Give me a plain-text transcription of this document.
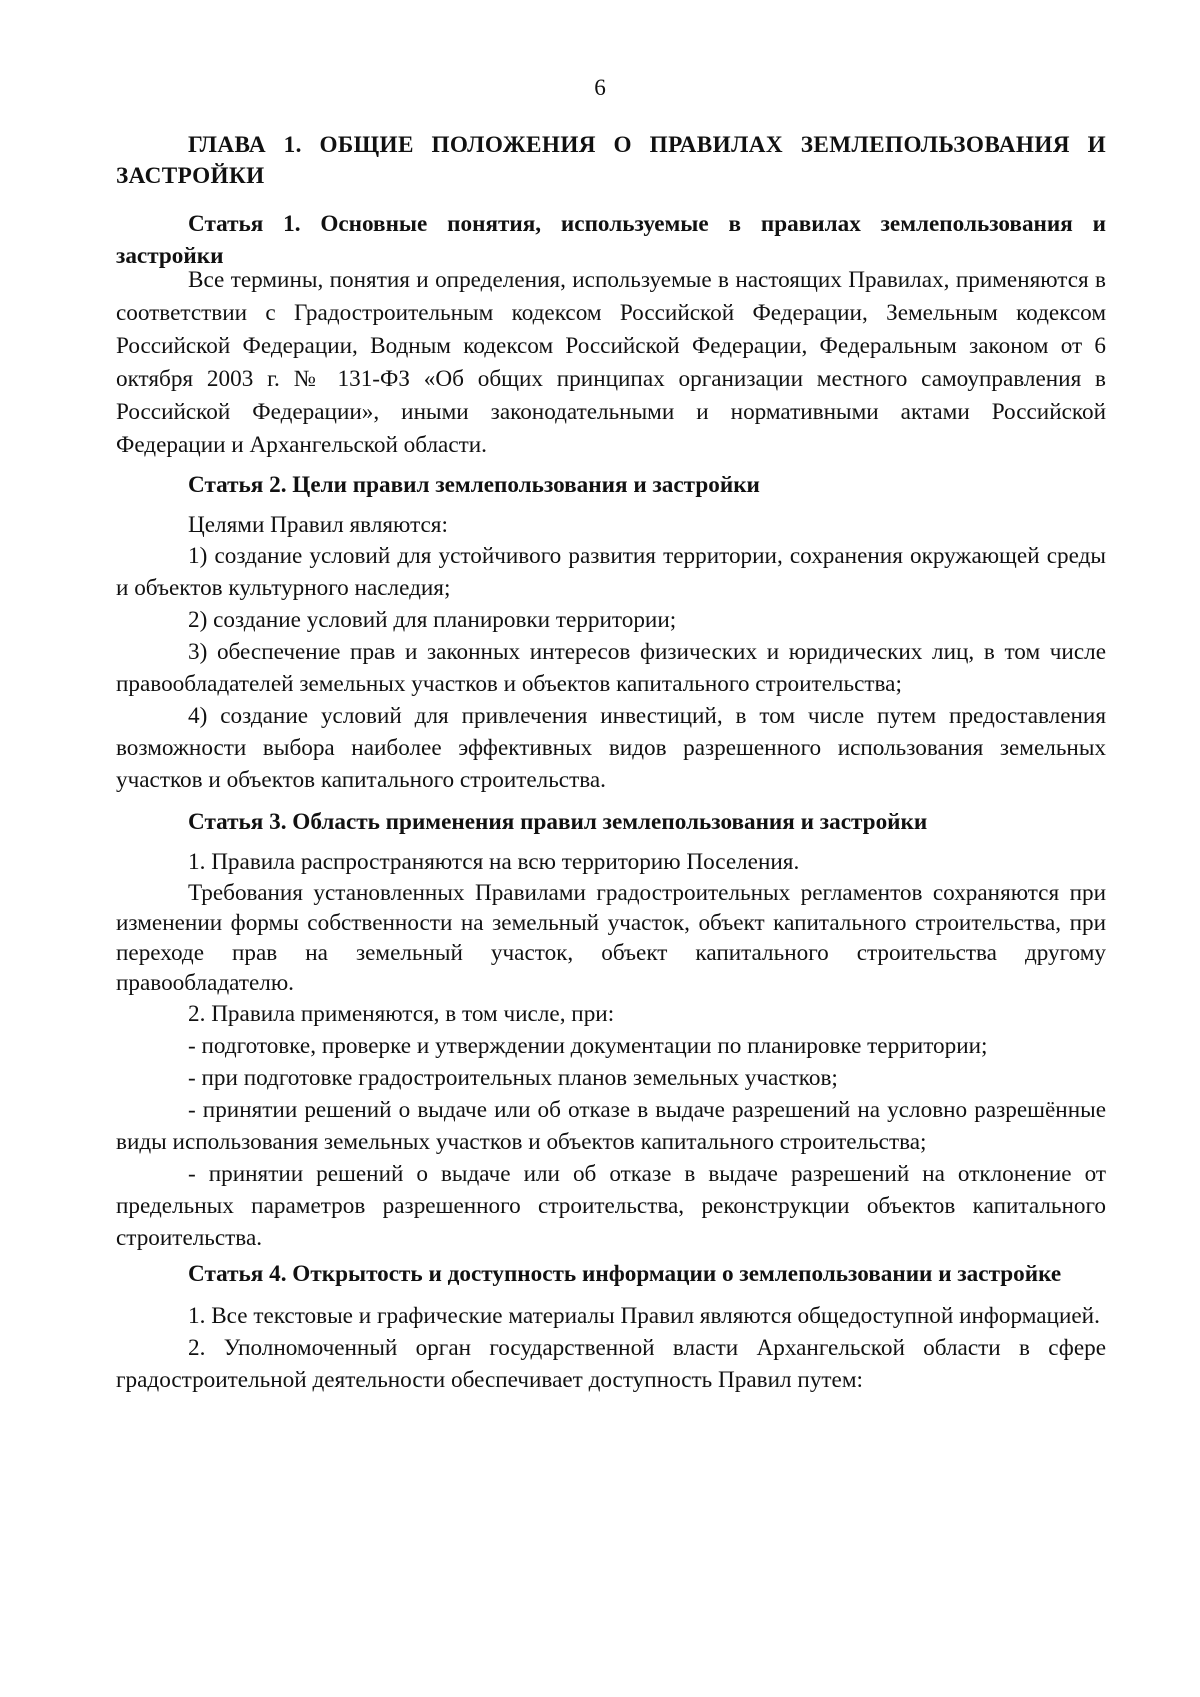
6
ГЛАВА 1. ОБЩИЕ ПОЛОЖЕНИЯ О ПРАВИЛАХ ЗЕМЛЕПОЛЬЗОВАНИЯ И ЗАСТРОЙКИ
Статья 1. Основные понятия, используемые в правилах землепользования и застройки

Все термины, понятия и определения, используемые в настоящих Правилах, применяются в соответствии с Градостроительным кодексом Российской Федерации, Земельным кодексом Российской Федерации, Водным кодексом Российской Федерации, Федеральным законом от 6 октября 2003 г. № 131-ФЗ «Об общих принципах организации местного самоуправления в Российской Федерации», иными законодательными и нормативными актами Российской Федерации и Архангельской области.

Статья 2. Цели правил землепользования и застройки

Целями Правил являются:

1) создание условий для устойчивого развития территории, сохранения окружающей среды и объектов культурного наследия;

2) создание условий для планировки территории;

3) обеспечение прав и законных интересов физических и юридических лиц, в том числе правообладателей земельных участков и объектов капитального строительства;

4) создание условий для привлечения инвестиций, в том числе путем предоставления возможности выбора наиболее эффективных видов разрешенного использования земельных участков и объектов капитального строительства.

Статья 3. Область применения правил землепользования и застройки

1. Правила распространяются на всю территорию Поселения.

Требования установленных Правилами градостроительных регламентов сохраняются при изменении формы собственности на земельный участок, объект капитального строительства, при переходе прав на земельный участок, объект капитального строительства другому правообладателю.

2. Правила применяются, в том числе, при:

- подготовке, проверке и утверждении документации по планировке территории;

- при подготовке градостроительных планов земельных участков;

- принятии решений о выдаче или об отказе в выдаче разрешений на условно разрешённые виды использования земельных участков и объектов капитального строительства;

- принятии решений о выдаче или об отказе в выдаче разрешений на отклонение от предельных параметров разрешенного строительства, реконструкции объектов капитального строительства.

Статья 4. Открытость и доступность информации о землепользовании и застройке

1. Все текстовые и графические материалы Правил являются общедоступной информацией.

2. Уполномоченный орган государственной власти Архангельской области в сфере градостроительной деятельности обеспечивает доступность Правил путем:
